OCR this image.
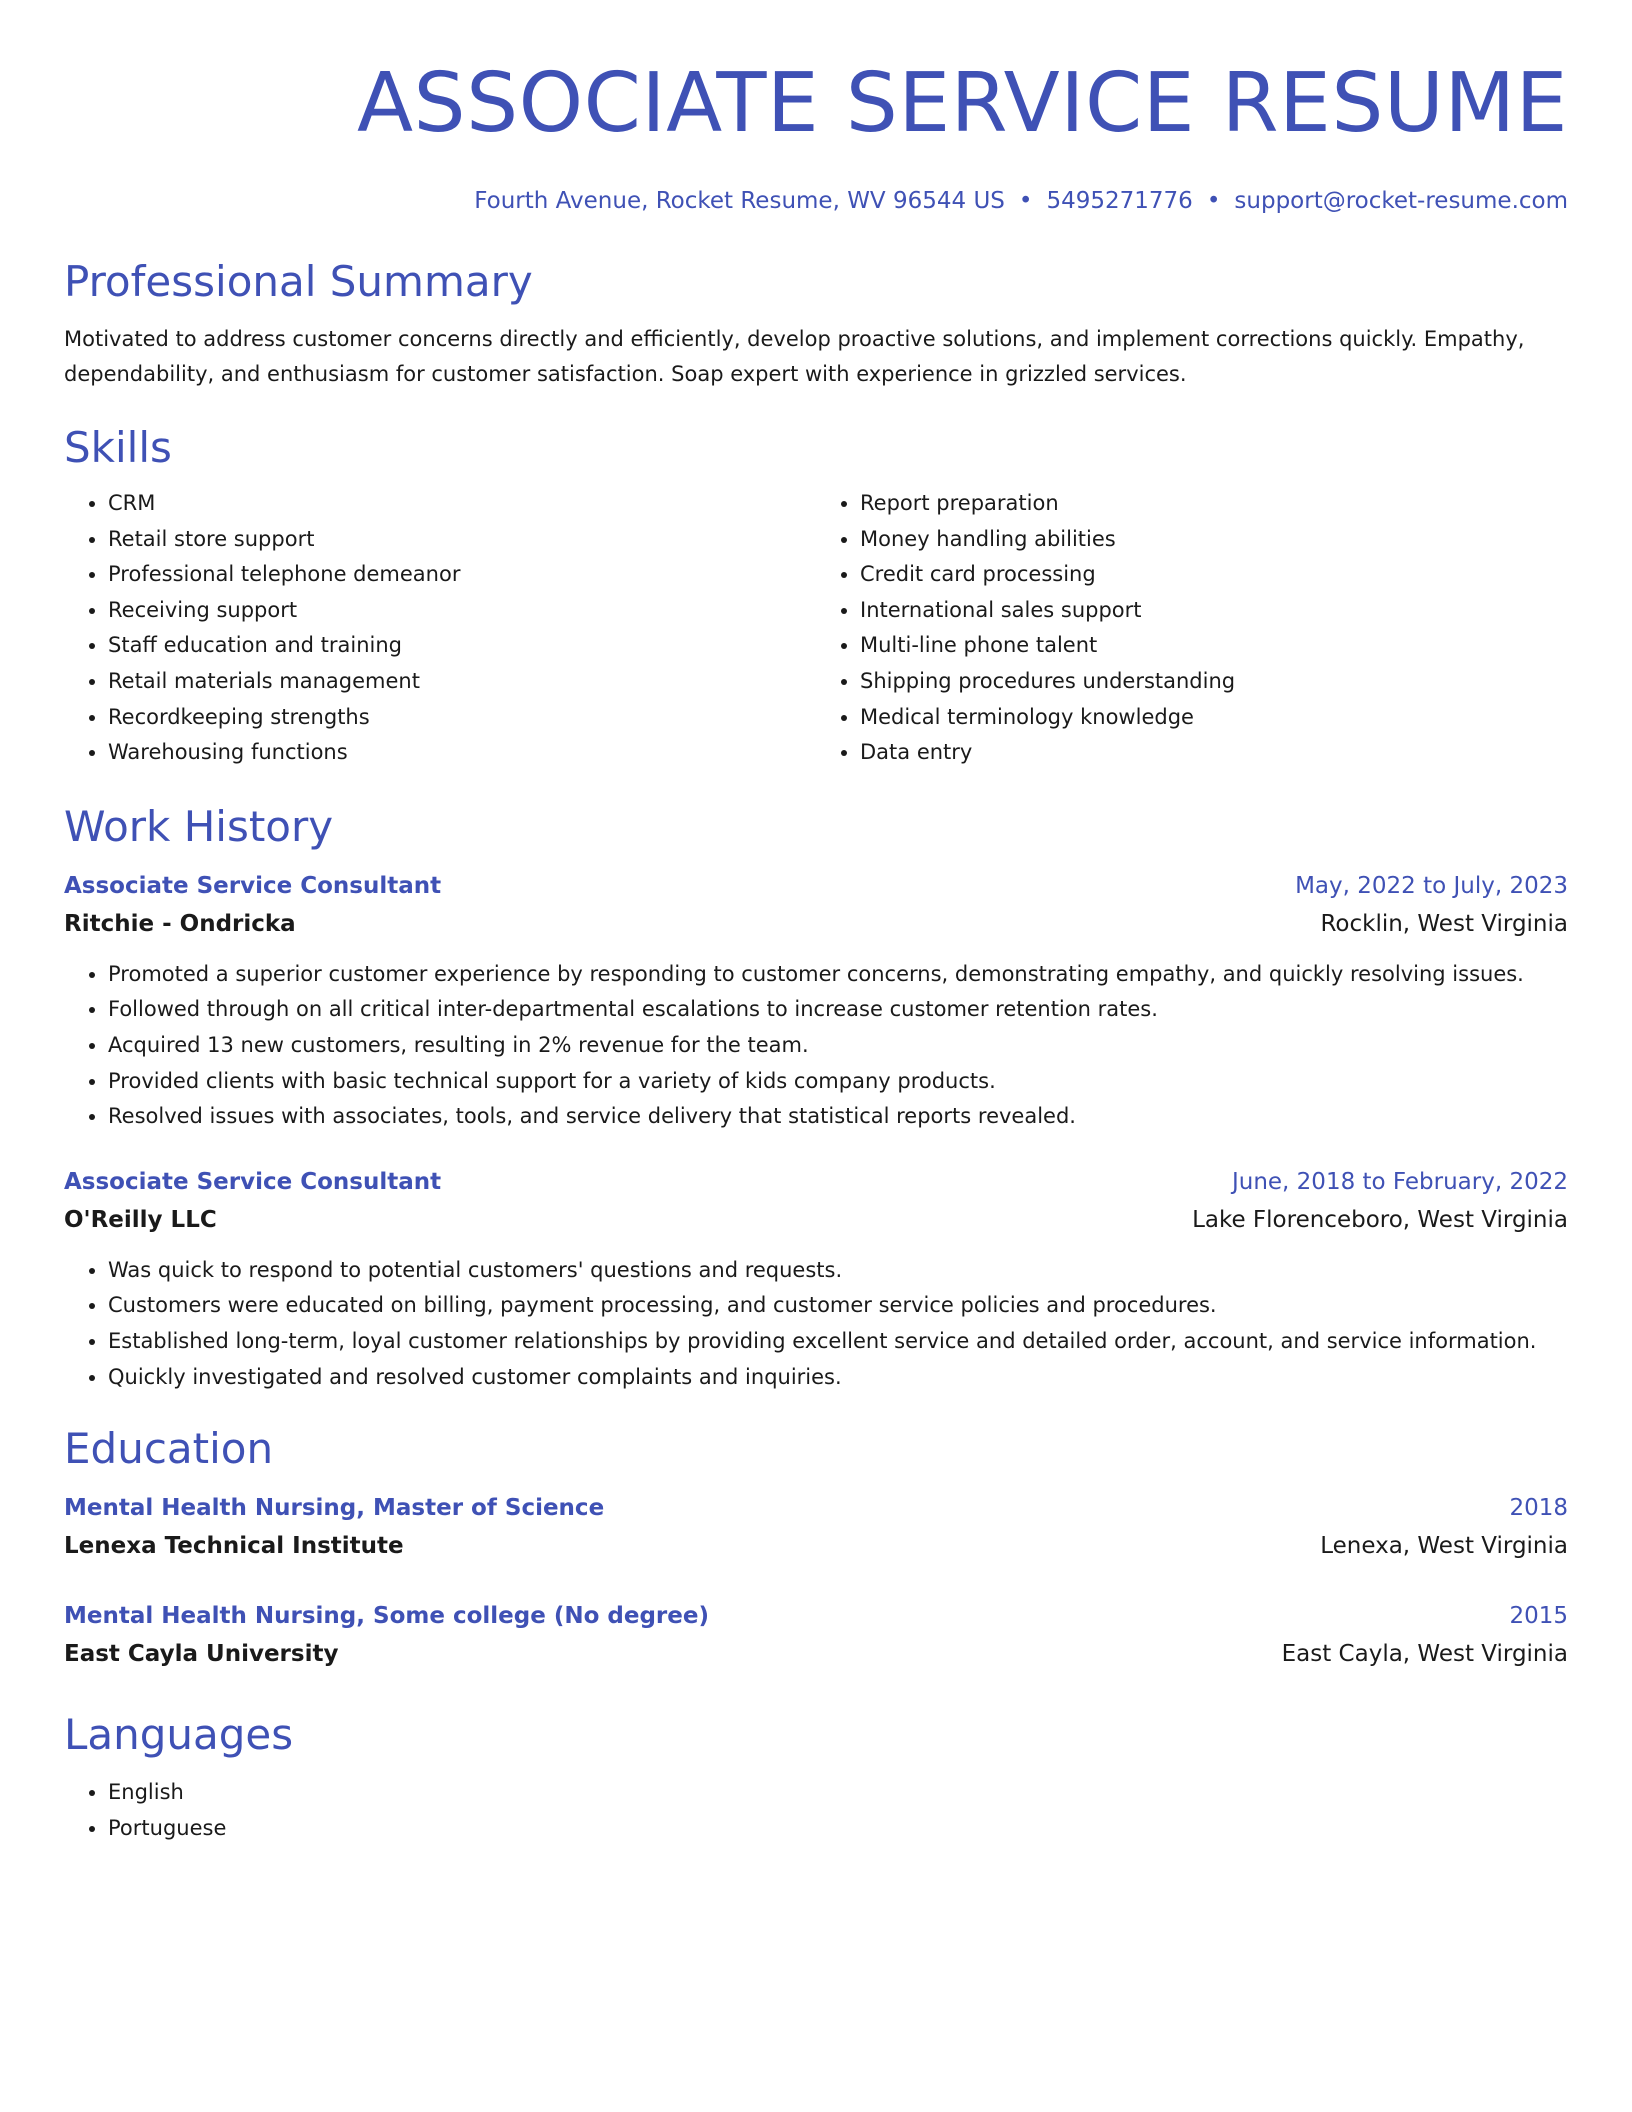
ASSOCIATE SERVICE RESUME
Fourth Avenue, Rocket Resume, WV 96544 US • 5495271776 • support@rocket-resume.com
Professional Summary

Motivated to address customer concerns directly and efficiently, develop proactive solutions, and implement corrections quickly. Empathy, dependability, and enthusiasm for customer satisfaction. Soap expert with experience in grizzled services.

Skills
• CRM
• Retail store support
• Professional telephone demeanor
• Receiving support
• Staff education and training
• Retail materials management
• Recordkeeping strengths
• Warehousing functions
• Report preparation
• Money handling abilities
• Credit card processing
• International sales support
• Multi-line phone talent
• Shipping procedures understanding
• Medical terminology knowledge
• Data entry
Work History
Associate Service Consultant	May, 2022 to July, 2023
Ritchie - Ondricka	Rocklin, West Virginia
• Promoted a superior customer experience by responding to customer concerns, demonstrating empathy, and quickly resolving issues.
• Followed through on all critical inter-departmental escalations to increase customer retention rates.
• Acquired 13 new customers, resulting in 2% revenue for the team.
• Provided clients with basic technical support for a variety of kids company products.
• Resolved issues with associates, tools, and service delivery that statistical reports revealed.
Associate Service Consultant	June, 2018 to February, 2022
O'Reilly LLC	Lake Florenceboro, West Virginia
• Was quick to respond to potential customers' questions and requests.
• Customers were educated on billing, payment processing, and customer service policies and procedures.
• Established long-term, loyal customer relationships by providing excellent service and detailed order, account, and service information.
• Quickly investigated and resolved customer complaints and inquiries.
Education
Mental Health Nursing, Master of Science	2018
Lenexa Technical Institute	Lenexa, West Virginia
Mental Health Nursing, Some college (No degree)	2015
East Cayla University	East Cayla, West Virginia
Languages
• English
• Portuguese
